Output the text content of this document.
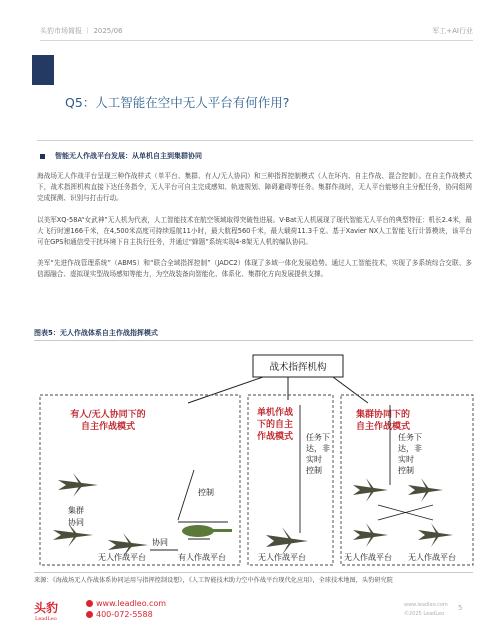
头豹市场简报 ｜ 2025/06	军工+AI行业
Q5：人工智能在空中无人平台有何作用?
智能无人作战平台发展：从单机自主到集群协同
海战场无人作战平台呈现三种作战样式（单平台、集群、有人/无人协同）和三种指挥控制模式（人在环内、自主作战、混合控制）。在自主作战模式下，战术指挥机构直接下达任务指令，无人平台可自主完成感知、轨迹规划、障碍避碍等任务。集群作战时，无人平台能够自主分配任务，协同组网完成探测、识别与打击行动。
以美军XQ-58A“女武神”无人机为代表，人工智能技术在航空领域取得突破性进展。V-Bat无人机展现了现代智能无人平台的典型特征：机长2.4米，最大飞行时速166千米，在4,500米高度可持续巡航11小时，最大航程560千米，最大载荷11.3千克。基于Xavier NX人工智能飞行计算模块，该平台可在GPS和通信受干扰环境下自主执行任务，并通过“蜂题”系统实现4-8架无人机的编队协同。
美军“先进作战管理系统”（ABMS）和“联合全域指挥控制”（JADC2）体现了多域一体化发展趋势。通过人工智能技术，实现了多系统综合交联、多信源融合、虚拟现实型战场感知等能力，为空战装备向智能化、体系化、集群化方向发展提供支撑。
图表5：无人作战体系自主作战指挥模式
战术指挥机构
有人/无人协同下的
自主作战模式
单机作战
下的自主
作战模式
集群协同下的
自主作战模式
任务下
达，非
实时
控制
任务下
达，非
实时
控制
控制
集群
协同
无人作战平台
协同
有人作战平台	无人作战平台	无人作战平台 无人作战平台
来源：《海战场无人作战体系协同运用与指挥控制设想》，《人工智能技术助力空中作战平台现代化应用》，全球技术地图，头豹研究院
头豹
LeadLeo
www.leadleo.com
400-072-5588
www.leadleo.com
©2025 LeadLeo
5
